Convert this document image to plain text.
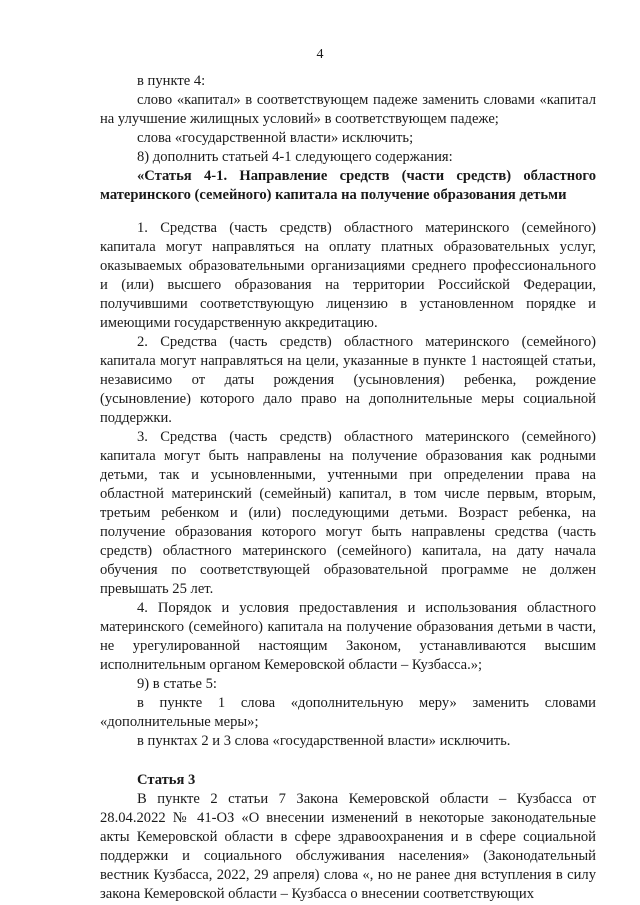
4

в пункте 4:

слово «капитал» в соответствующем падеже заменить словами «капитал на улучшение жилищных условий» в соответствующем падеже;

слова «государственной власти» исключить;

8) дополнить статьей 4-1 следующего содержания:

«Статья 4-1. Направление средств (части средств) областного материнского (семейного) капитала на получение образования детьми

1. Средства (часть средств) областного материнского (семейного) капитала могут направляться на оплату платных образовательных услуг, оказываемых образовательными организациями среднего профессионального и (или) высшего образования на территории Российской Федерации, получившими соответствующую лицензию в установленном порядке и имеющими государственную аккредитацию.

2. Средства (часть средств) областного материнского (семейного) капитала могут направляться на цели, указанные в пункте 1 настоящей статьи, независимо от даты рождения (усыновления) ребенка, рождение (усыновление) которого дало право на дополнительные меры социальной поддержки.

3. Средства (часть средств) областного материнского (семейного) капитала могут быть направлены на получение образования как родными детьми, так и усыновленными, учтенными при определении права на областной материнский (семейный) капитал, в том числе первым, вторым, третьим ребенком и (или) последующими детьми. Возраст ребенка, на получение образования которого могут быть направлены средства (часть средств) областного материнского (семейного) капитала, на дату начала обучения по соответствующей образовательной программе не должен превышать 25 лет.

4. Порядок и условия предоставления и использования областного материнского (семейного) капитала на получение образования детьми в части, не урегулированной настоящим Законом, устанавливаются высшим исполнительным органом Кемеровской области – Кузбасса.»;

9) в статье 5:

в пункте 1 слова «дополнительную меру» заменить словами «дополнительные меры»;

в пунктах 2 и 3 слова «государственной власти» исключить.

Статья 3

В пункте 2 статьи 7 Закона Кемеровской области – Кузбасса от 28.04.2022 № 41-ОЗ «О внесении изменений в некоторые законодательные акты Кемеровской области в сфере здравоохранения и в сфере социальной поддержки и социального обслуживания населения» (Законодательный вестник Кузбасса, 2022, 29 апреля) слова «, но не ранее дня вступления в силу закона Кемеровской области – Кузбасса о внесении соответствующих
